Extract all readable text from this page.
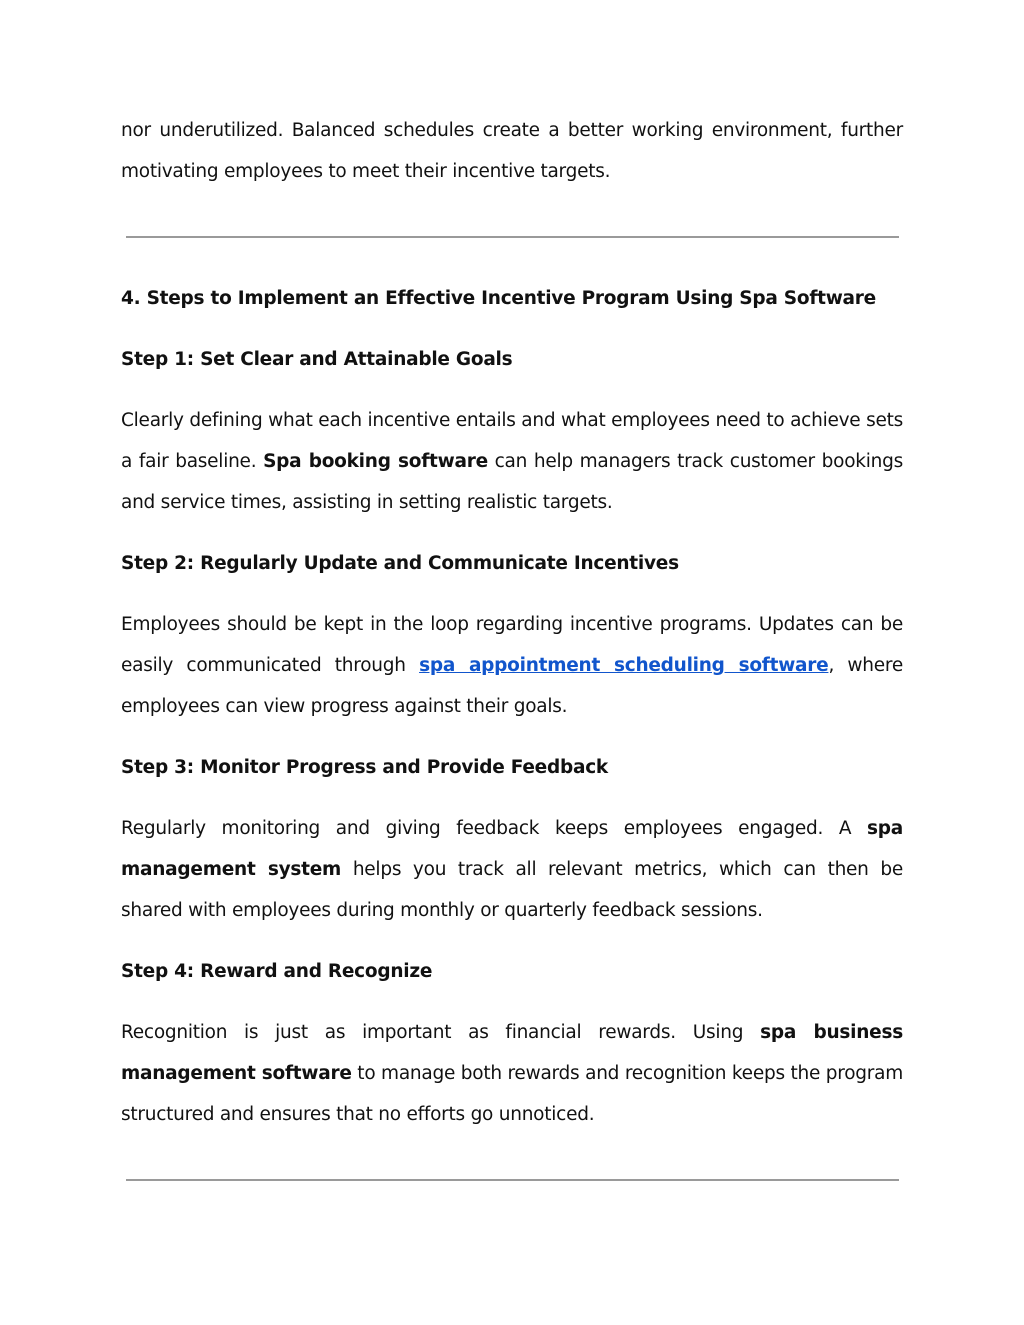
nor underutilized. Balanced schedules create a better working environment, further motivating employees to meet their incentive targets.

4. Steps to Implement an Effective Incentive Program Using Spa Software
Step 1: Set Clear and Attainable Goals

Clearly defining what each incentive entails and what employees need to achieve sets a fair baseline. Spa booking software can help managers track customer bookings and service times, assisting in setting realistic targets.

Step 2: Regularly Update and Communicate Incentives

Employees should be kept in the loop regarding incentive programs. Updates can be easily communicated through spa appointment scheduling software, where employees can view progress against their goals.

Step 3: Monitor Progress and Provide Feedback

Regularly monitoring and giving feedback keeps employees engaged. A spa management system helps you track all relevant metrics, which can then be shared with employees during monthly or quarterly feedback sessions.

Step 4: Reward and Recognize

Recognition is just as important as financial rewards. Using spa business management software to manage both rewards and recognition keeps the program structured and ensures that no efforts go unnoticed.
